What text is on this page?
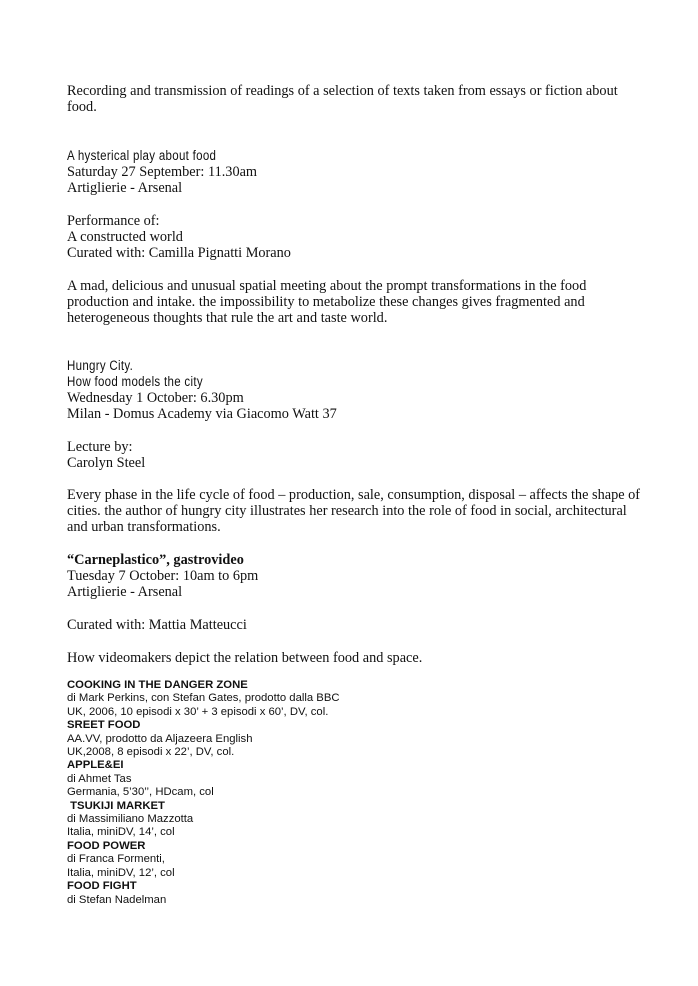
Recording and transmission of readings of a selection of texts taken from essays or fiction about
food.
A hysterical play about food
Saturday 27 September: 11.30am
Artiglierie - Arsenal
Performance of:
A constructed world
Curated with: Camilla Pignatti Morano
A mad, delicious and unusual spatial meeting about the prompt transformations in the food
production and intake. the impossibility to metabolize these changes gives fragmented and
heterogeneous thoughts that rule the art and taste world.
Hungry City.
How food models the city
Wednesday 1 October: 6.30pm
Milan - Domus Academy via Giacomo Watt 37
Lecture by:
Carolyn Steel
Every phase in the life cycle of food – production, sale, consumption, disposal – affects the shape of
cities. the author of hungry city illustrates her research into the role of food in social, architectural
and urban transformations.
“Carneplastico”, gastrovideo
Tuesday 7 October: 10am to 6pm
Artiglierie - Arsenal
Curated with: Mattia Matteucci
How videomakers depict the relation between food and space.
COOKING IN THE DANGER ZONE
di Mark Perkins, con Stefan Gates, prodotto dalla BBC
UK, 2006, 10 episodi x 30’ + 3 episodi x 60’, DV, col.
SREET FOOD
AA.VV, prodotto da Aljazeera English
UK,2008, 8 episodi x 22’, DV, col.
APPLE&EI
di Ahmet Tas
Germania, 5’30’’, HDcam, col
TSUKIJI MARKET
di Massimiliano Mazzotta
Italia, miniDV, 14’, col
FOOD POWER
di Franca Formenti,
Italia, miniDV, 12’, col
FOOD FIGHT
di Stefan Nadelman
